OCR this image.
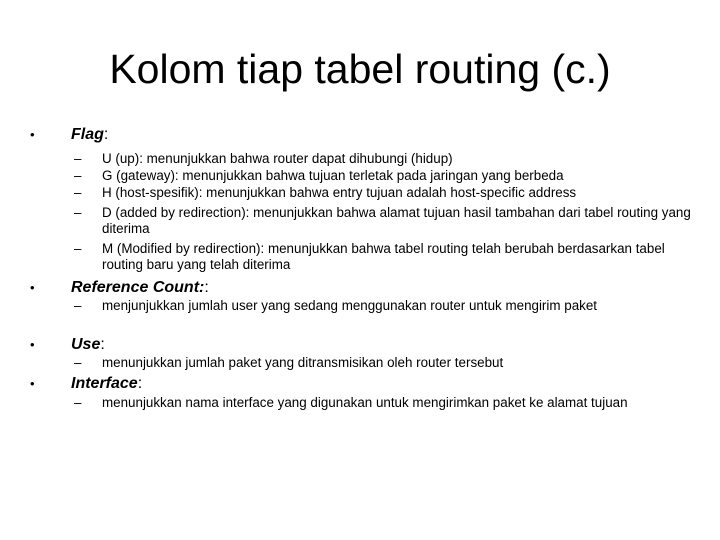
Kolom tiap tabel routing (c.)
• Flag:
– U (up): menunjukkan bahwa router dapat dihubungi (hidup)
– G (gateway): menunjukkan bahwa tujuan terletak pada jaringan yang berbeda
– H (host-spesifik): menunjukkan bahwa entry tujuan adalah host-specific address
– D (added by redirection): menunjukkan bahwa alamat tujuan hasil tambahan dari tabel routing yang diterima
– M (Modified by redirection): menunjukkan bahwa tabel routing telah berubah berdasarkan tabel routing baru yang telah diterima
• Reference Count::
– menjunjukkan jumlah user yang sedang menggunakan router untuk mengirim paket
• Use:
– menunjukkan jumlah paket yang ditransmisikan oleh router tersebut
• Interface:
– menunjukkan nama interface yang digunakan untuk mengirimkan paket ke alamat tujuan
